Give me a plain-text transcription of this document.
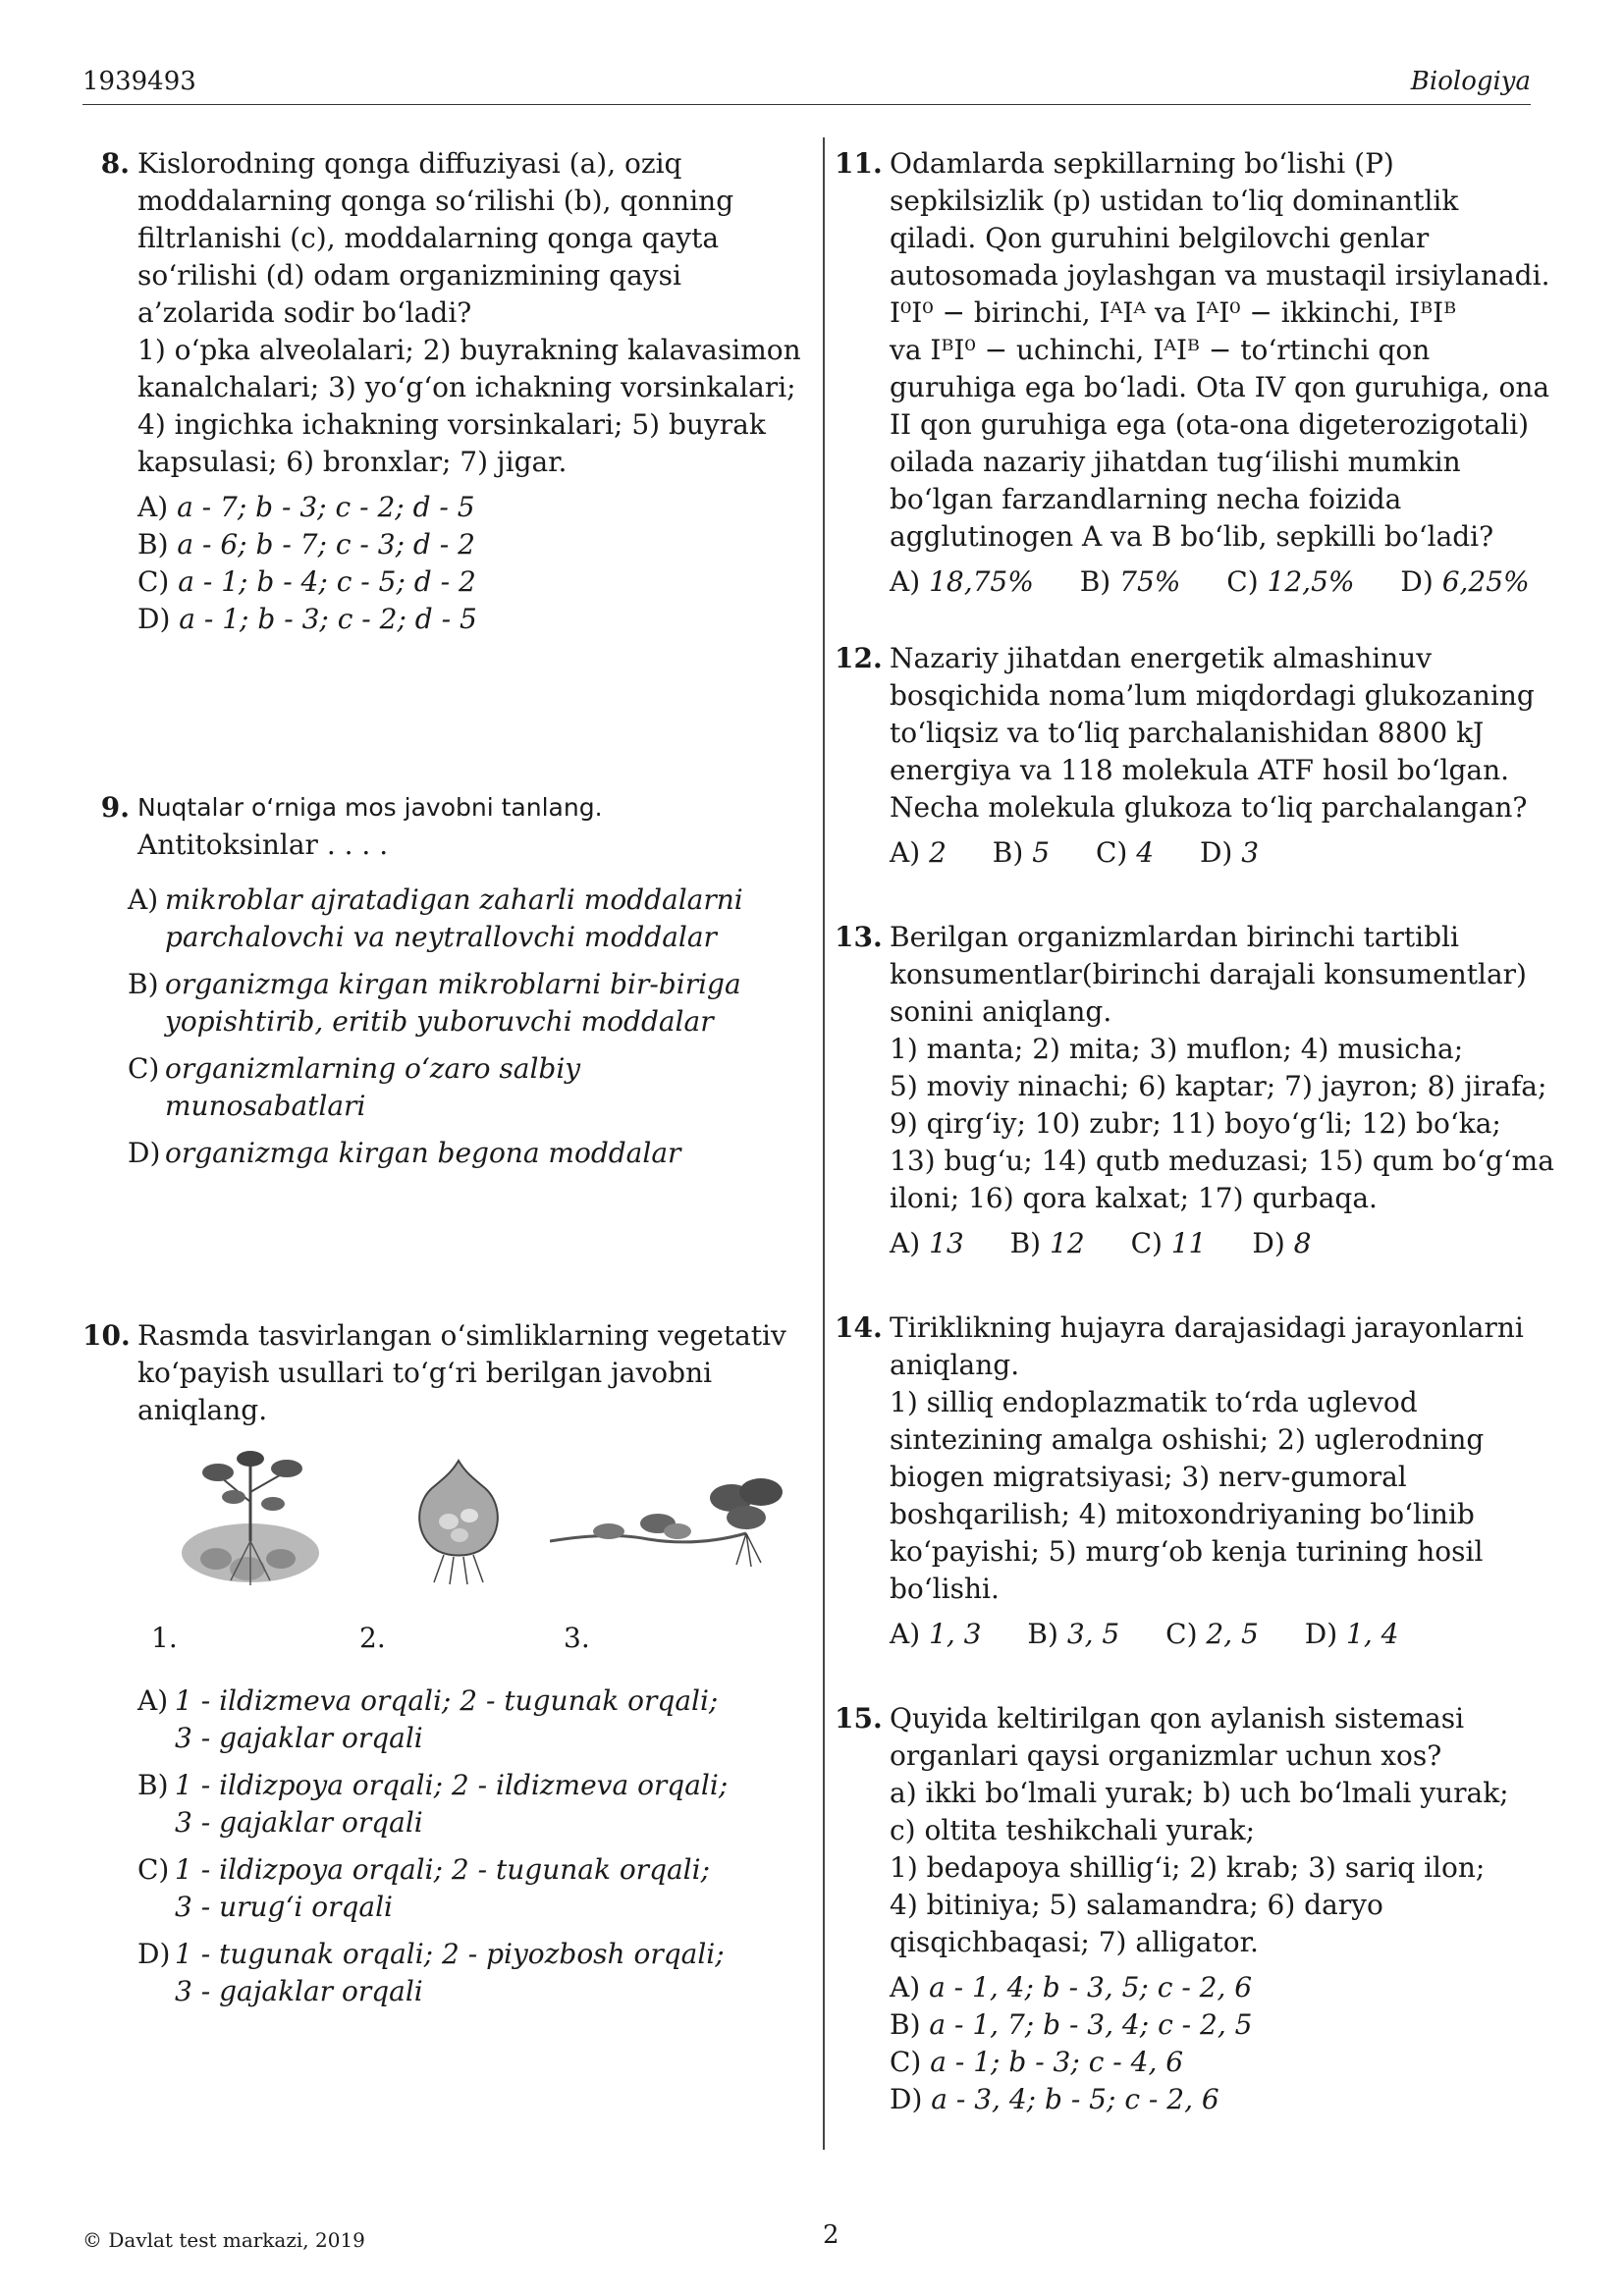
1939493	Biologiya
8. Kislorodning qonga diffuziyasi (a), oziq
moddalarning qonga so‘rilishi (b), qonning
filtrlanishi (c), moddalarning qonga qayta
so‘rilishi (d) odam organizmining qaysi
a’zolarida sodir bo‘ladi?
1) o‘pka alveolalari; 2) buyrakning kalavasimon
kanalchalari; 3) yo‘g‘on ichakning vorsinkalari;
4) ingichka ichakning vorsinkalari; 5) buyrak
kapsulasi; 6) bronxlar; 7) jigar.
A) a - 7; b - 3; c - 2; d - 5
B) a - 6; b - 7; c - 3; d - 2
C) a - 1; b - 4; c - 5; d - 2
D) a - 1; b - 3; c - 2; d - 5
9. Nuqtalar o‘rniga mos javobni tanlang.
Antitoksinlar . . . .
A) mikroblar ajratadigan zaharli moddalarni
parchalovchi va neytrallovchi moddalar
B) organizmga kirgan mikroblarni bir-biriga
yopishtirib, eritib yuboruvchi moddalar
C) organizmlarning o‘zaro salbiy munosabatlari
D) organizmga kirgan begona moddalar
10. Rasmda tasvirlangan o‘simliklarning vegetativ
ko‘payish usullari to‘g‘ri berilgan javobni
aniqlang.
1.	2.	3.
A) 1 - ildizmeva orqali; 2 - tugunak orqali;
3 - gajaklar orqali
B) 1 - ildizpoya orqali; 2 - ildizmeva orqali;
3 - gajaklar orqali
C) 1 - ildizpoya orqali; 2 - tugunak orqali;
3 - urug‘i orqali
D) 1 - tugunak orqali; 2 - piyozbosh orqali;
3 - gajaklar orqali
11. Odamlarda sepkillarning bo‘lishi (P)
sepkilsizlik (p) ustidan to‘liq dominantlik
qiladi. Qon guruhini belgilovchi genlar
autosomada joylashgan va mustaqil irsiylanadi.
I⁰I⁰ − birinchi, IᴬIᴬ va IᴬI⁰ − ikkinchi, IᴮIᴮ
va IᴮI⁰ − uchinchi, IᴬIᴮ − to‘rtinchi qon
guruhiga ega bo‘ladi. Ota IV qon guruhiga, ona
II qon guruhiga ega (ota-ona digeterozigotali)
oilada nazariy jihatdan tug‘ilishi mumkin
bo‘lgan farzandlarning necha foizida
agglutinogen A va B bo‘lib, sepkilli bo‘ladi?
A) 18,75% B) 75% C) 12,5% D) 6,25%
12. Nazariy jihatdan energetik almashinuv
bosqichida noma’lum miqdordagi glukozaning
to‘liqsiz va to‘liq parchalanishidan 8800 kJ
energiya va 118 molekula ATF hosil bo‘lgan.
Necha molekula glukoza to‘liq parchalangan?
A) 2 B) 5 C) 4 D) 3
13. Berilgan organizmlardan birinchi tartibli
konsumentlar(birinchi darajali konsumentlar)
sonini aniqlang.
1) manta; 2) mita; 3) muflon; 4) musicha;
5) moviy ninachi; 6) kaptar; 7) jayron; 8) jirafa;
9) qirg‘iy; 10) zubr; 11) boyo‘g‘li; 12) bo‘ka;
13) bug‘u; 14) qutb meduzasi; 15) qum bo‘g‘ma
iloni; 16) qora kalxat; 17) qurbaqa.
A) 13 B) 12 C) 11 D) 8
14. Tiriklikning hujayra darajasidagi jarayonlarni
aniqlang.
1) silliq endoplazmatik to‘rda uglevod
sintezining amalga oshishi; 2) uglerodning
biogen migratsiyasi; 3) nerv-gumoral
boshqarilish; 4) mitoxondriyaning bo‘linib
ko‘payishi; 5) murg‘ob kenja turining hosil
bo‘lishi.
A) 1, 3 B) 3, 5 C) 2, 5 D) 1, 4
15. Quyida keltirilgan qon aylanish sistemasi
organlari qaysi organizmlar uchun xos?
a) ikki bo‘lmali yurak; b) uch bo‘lmali yurak;
c) oltita teshikchali yurak;
1) bedapoya shillig‘i; 2) krab; 3) sariq ilon;
4) bitiniya; 5) salamandra; 6) daryo
qisqichbaqasi; 7) alligator.
A) a - 1, 4; b - 3, 5; c - 2, 6
B) a - 1, 7; b - 3, 4; c - 2, 5
C) a - 1; b - 3; c - 4, 6
D) a - 3, 4; b - 5; c - 2, 6
© Davlat test markazi, 2019	2
